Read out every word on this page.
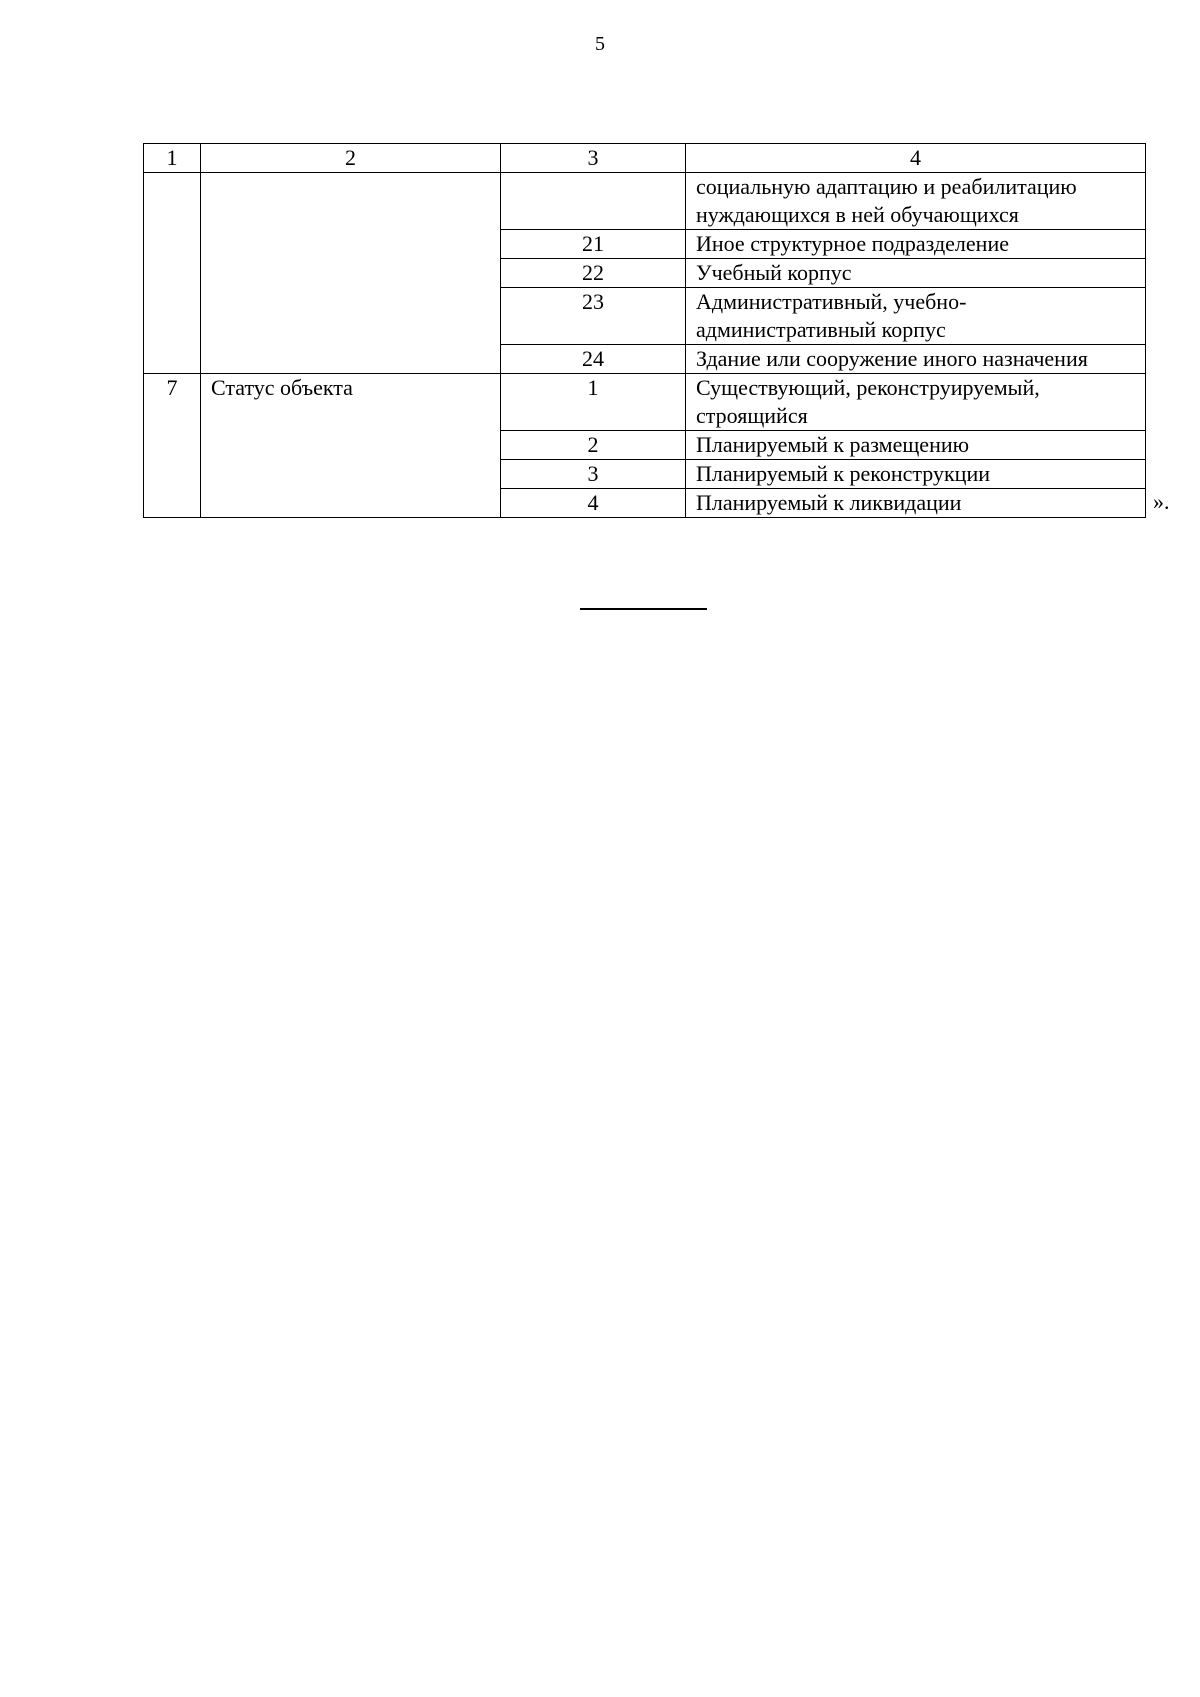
5
1	2	3	4
			социальную адаптацию и реабилитацию нуждающихся в ней обучающихся
		21	Иное структурное подразделение
		22	Учебный корпус
		23	Административный, учебно-административный корпус
		24	Здание или сооружение иного назначения
7	Статус объекта	1	Существующий, реконструируемый, строящийся
		2	Планируемый к размещению
		3	Планируемый к реконструкции
		4	Планируемый к ликвидации	».
